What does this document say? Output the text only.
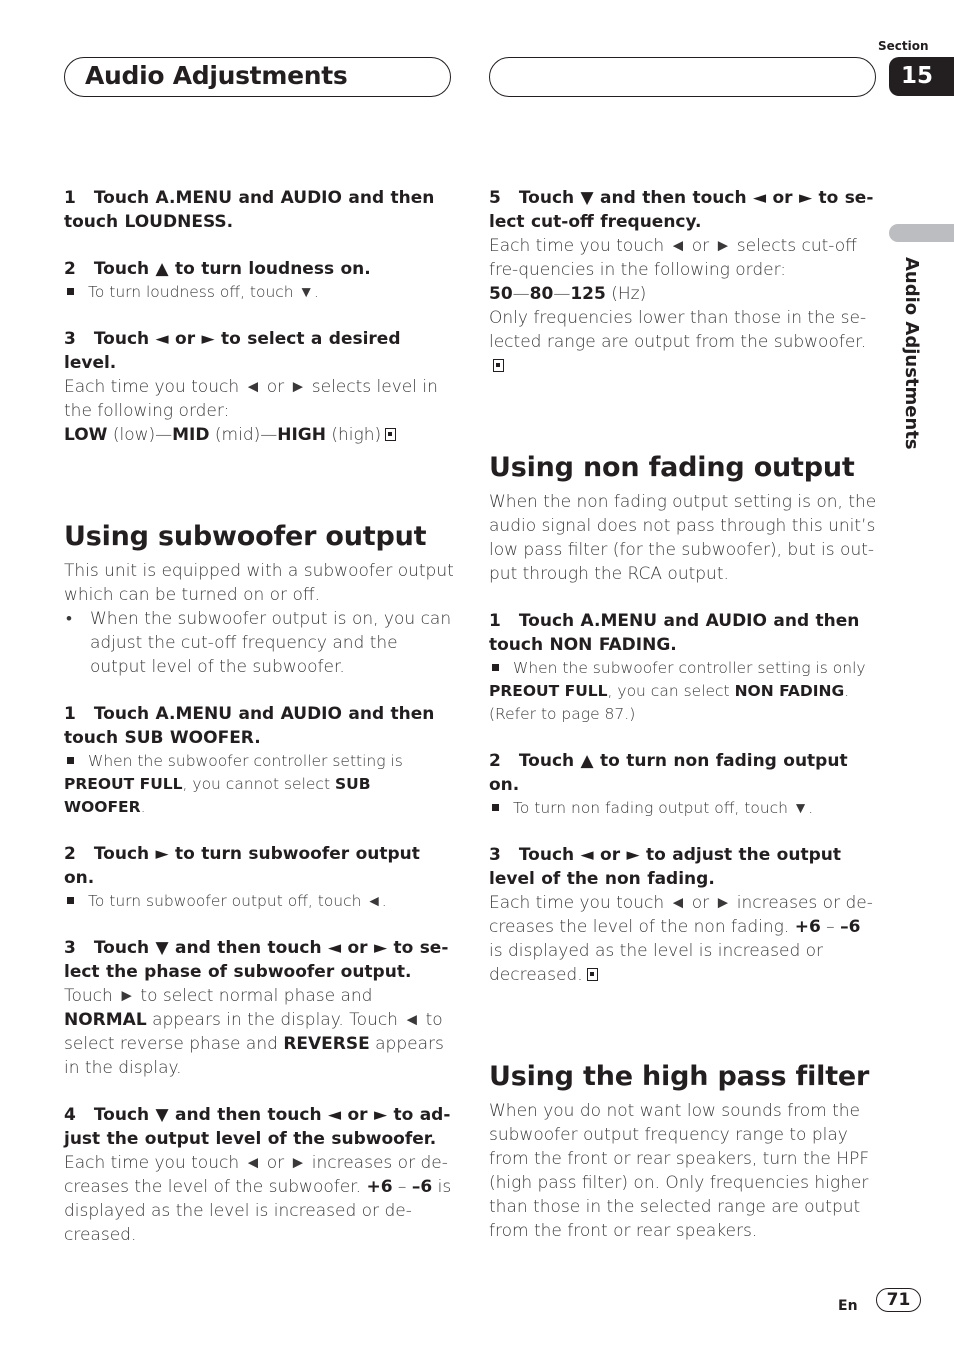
Audio Adjustments
Section
15
Audio Adjustments

1 Touch A.MENU and AUDIO and then touch LOUDNESS.

2 Touch ▲ to turn loudness on.

To turn loudness off, touch ▼.

3 Touch ◄ or ► to select a desired level.

Each time you touch ◄ or ► selects level in the following order:

LOW (low)—MID (mid)—HIGH (high)

Using subwoofer output

This unit is equipped with a subwoofer output which can be turned on or off.

• When the subwoofer output is on, you can adjust the cut-off frequency and the output level of the subwoofer.

1 Touch A.MENU and AUDIO and then touch SUB WOOFER.

When the subwoofer controller setting is
PREOUT FULL, you cannot select SUB WOOFER.

2 Touch ► to turn subwoofer output on.

To turn subwoofer output off, touch ◄.

3 Touch ▼ and then touch ◄ or ► to se-lect the phase of subwoofer output.

Touch ► to select normal phase and NORMAL appears in the display. Touch ◄ to select reverse phase and REVERSE appears in the display.

4 Touch ▼ and then touch ◄ or ► to ad-just the output level of the subwoofer.

Each time you touch ◄ or ► increases or de-creases the level of the subwoofer. +6 – –6 is displayed as the level is increased or de-creased.

5 Touch ▼ and then touch ◄ or ► to se-lect cut-off frequency.

Each time you touch ◄ or ► selects cut-off fre-quencies in the following order:

50—80—125 (Hz)

Only frequencies lower than those in the se-lected range are output from the subwoofer.

Using non fading output

When the non fading output setting is on, the audio signal does not pass through this unit’s low pass filter (for the subwoofer), but is out-put through the RCA output.

1 Touch A.MENU and AUDIO and then touch NON FADING.

When the subwoofer controller setting is only
PREOUT FULL, you can select NON FADING.
(Refer to page 87.)

2 Touch ▲ to turn non fading output on.

To turn non fading output off, touch ▼.

3 Touch ◄ or ► to adjust the output level of the non fading.

Each time you touch ◄ or ► increases or de-creases the level of the non fading. +6 – –6 is displayed as the level is increased or decreased.

Using the high pass filter

When you do not want low sounds from the subwoofer output frequency range to play from the front or rear speakers, turn the HPF (high pass filter) on. Only frequencies higher than those in the selected range are output from the front or rear speakers.

En	71
